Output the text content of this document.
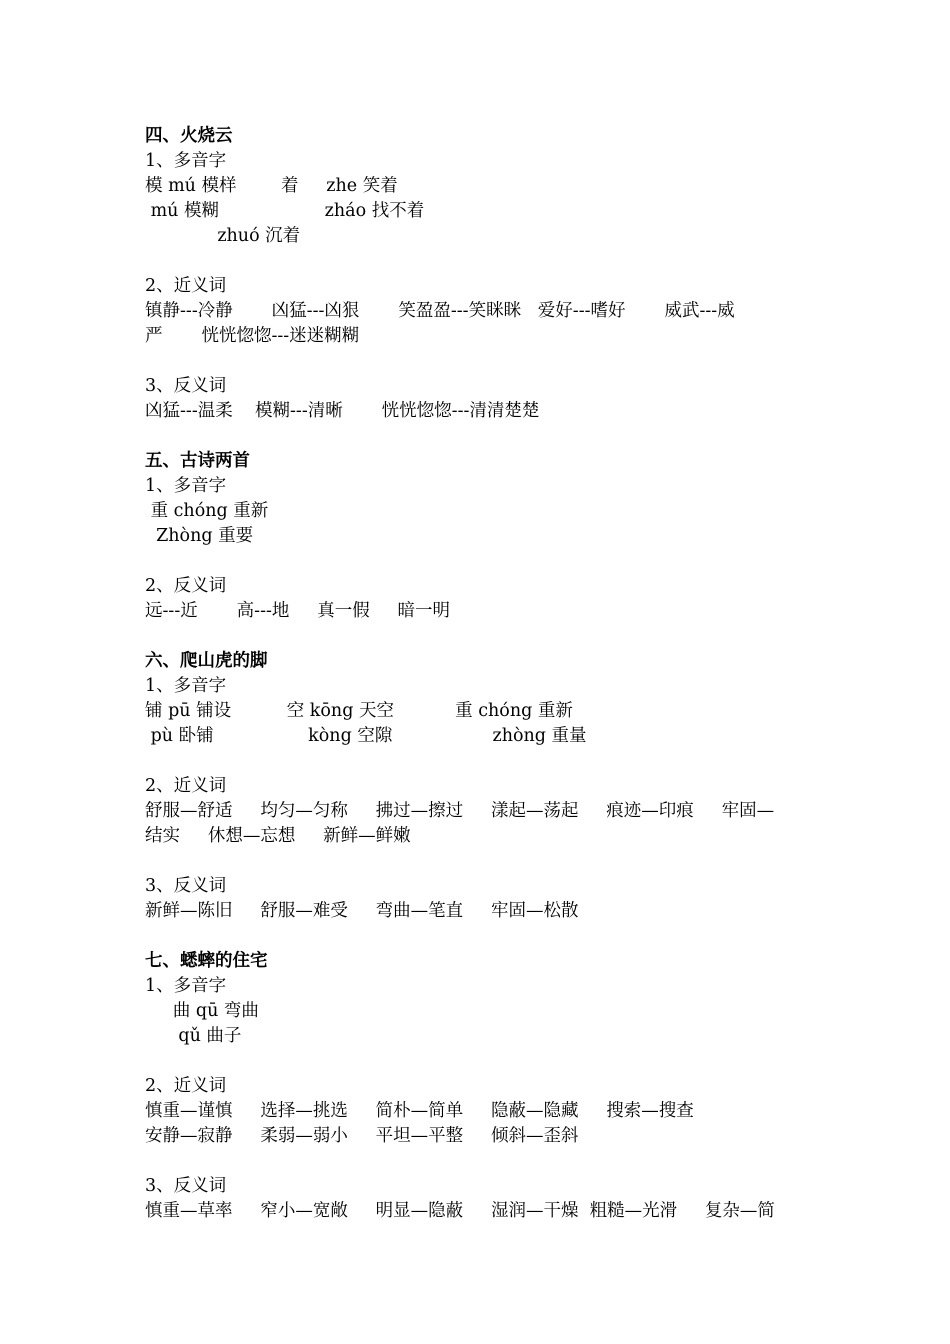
四、火烧云
1、多音字
模 mú 模样        着     zhe 笑着
mú 模糊                   zháo 找不着
zhuó 沉着
2、近义词
镇静---冷静       凶猛---凶狠       笑盈盈---笑眯眯   爱好---嗜好       威武---威
严       恍恍惚惚---迷迷糊糊
3、反义词
凶猛---温柔    模糊---清晰       恍恍惚惚---清清楚楚
五、古诗两首
1、多音字
重 chóng 重新
Zhòng 重要
2、反义词
远---近       高---地     真一假     暗一明
六、爬山虎的脚
1、多音字
铺 pū 铺设          空 kōng 天空           重 chóng 重新
pù 卧铺                 kòng 空隙                  zhòng 重量
2、近义词
舒服—舒适     均匀—匀称     拂过—擦过     漾起—荡起     痕迹—印痕     牢固—
结实     休想—忘想     新鲜—鲜嫩
3、反义词
新鲜—陈旧     舒服—难受     弯曲—笔直     牢固—松散
七、蟋蟀的住宅
1、多音字
曲 qū 弯曲
qǔ 曲子
2、近义词
慎重—谨慎     选择—挑选     简朴—简单     隐蔽—隐藏     搜索—搜查
安静—寂静     柔弱—弱小     平坦—平整     倾斜—歪斜
3、反义词
慎重—草率     窄小—宽敞     明显—隐蔽     湿润—干燥  粗糙—光滑     复杂—简
